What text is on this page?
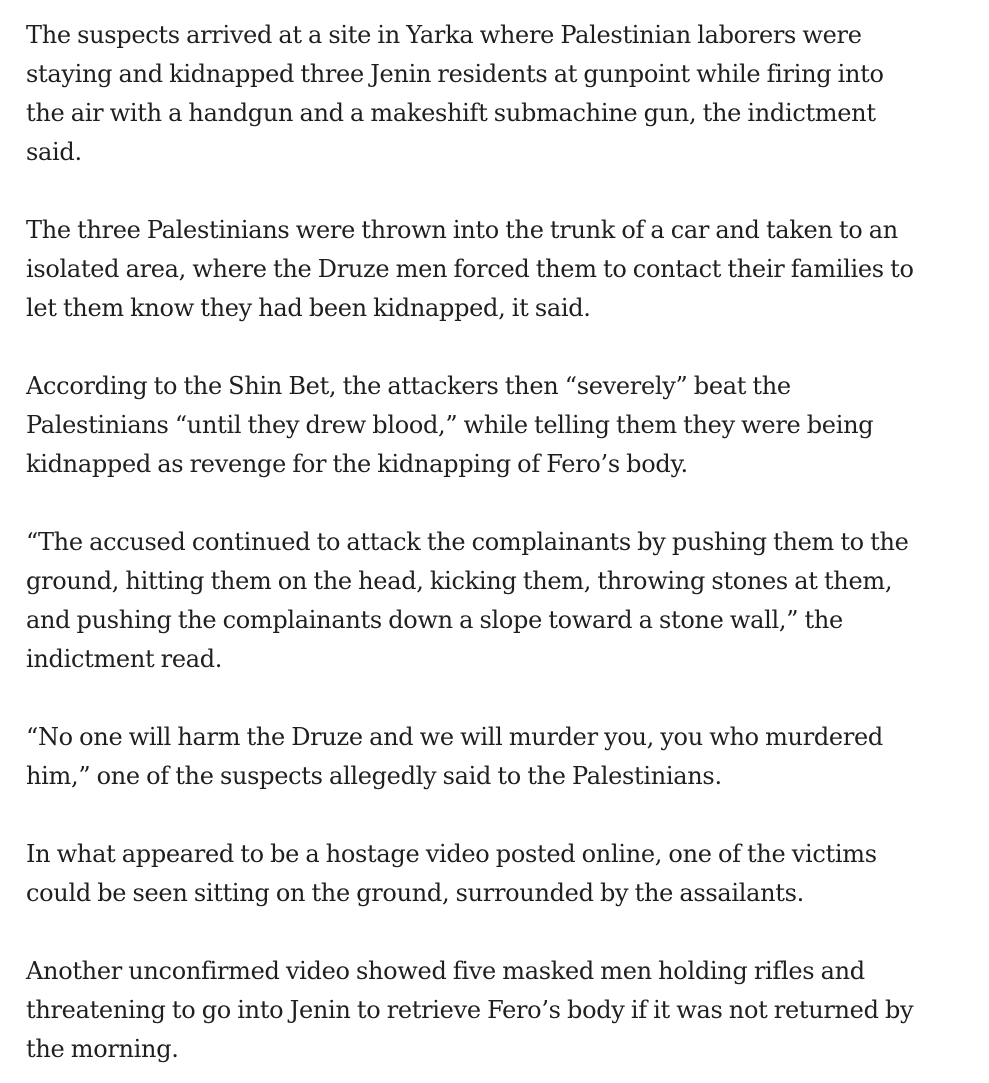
The suspects arrived at a site in Yarka where Palestinian laborers were
staying and kidnapped three Jenin residents at gunpoint while firing into
the air with a handgun and a makeshift submachine gun, the indictment
said.

The three Palestinians were thrown into the trunk of a car and taken to an
isolated area, where the Druze men forced them to contact their families to
let them know they had been kidnapped, it said.

According to the Shin Bet, the attackers then “severely” beat the
Palestinians “until they drew blood,” while telling them they were being
kidnapped as revenge for the kidnapping of Fero’s body.

“The accused continued to attack the complainants by pushing them to the
ground, hitting them on the head, kicking them, throwing stones at them,
and pushing the complainants down a slope toward a stone wall,” the
indictment read.

“No one will harm the Druze and we will murder you, you who murdered
him,” one of the suspects allegedly said to the Palestinians.

In what appeared to be a hostage video posted online, one of the victims
could be seen sitting on the ground, surrounded by the assailants.

Another unconfirmed video showed five masked men holding rifles and
threatening to go into Jenin to retrieve Fero’s body if it was not returned by
the morning.
